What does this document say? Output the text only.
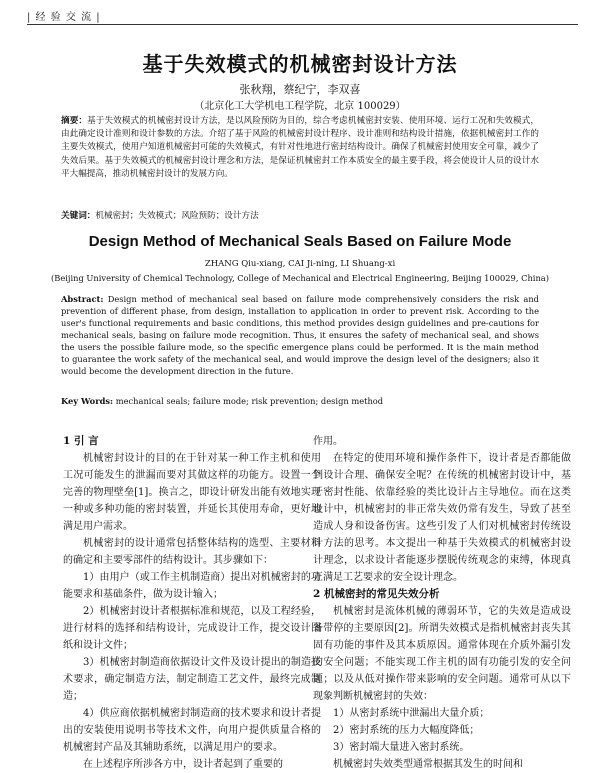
| 经 验 交 流 |
基于失效模式的机械密封设计方法
张秋翔，蔡纪宁，李双喜
（北京化工大学机电工程学院，北京 100029）
摘要：基于失效模式的机械密封设计方法，是以风险预防为目的，综合考虑机械密封安装、使用环境、运行工况和失效模式，由此确定设计准则和设计参数的方法。介绍了基于风险的机械密封设计程序、设计准则和结构设计措施，依据机械密封工作的主要失效模式，使用户知道机械密封可能的失效模式，有针对性地进行密封结构设计。确保了机械密封使用安全可靠，减少了失效后果。基于失效模式的机械密封设计理念和方法，是保证机械密封工作本质安全的最主要手段，将会使设计人员的设计水平大幅提高，推动机械密封设计的发展方向。
关键词：机械密封；失效模式；风险预防；设计方法
Design Method of Mechanical Seals Based on Failure Mode
ZHANG Qiu-xiang, CAI Ji-ning, LI Shuang-xi
(Beijing University of Chemical Technology, College of Mechanical and Electrical Engineering, Beijing 100029, China)
Abstract: Design method of mechanical seal based on failure mode comprehensively considers the risk and prevention of different phase, from design, installation to application in order to prevent risk. According to the user's functional requirements and basic conditions, this method provides design guidelines and pre-cautions for mechanical seals, basing on failure mode recognition. Thus, it ensures the safety of mechanical seal, and shows the users the possible failure mode, so the specific emergence plans could be performed. It is the main method to guarantee the work safety of the mechanical seal, and would improve the design level of the designers; also it would become the development direction in the future.
Key Words: mechanical seals; failure mode; risk prevention; design method

1 引 言

机械密封设计的目的在于针对某一种工作主机和使用工况可能发生的泄漏而要对其做这样的功能方。设置一个完善的物理壁垒[1]。换言之，即设计研发出能有效地实现一种或多种功能的密封装置，并延长其使用寿命，更好地满足用户需求。

机械密封的设计通常包括整体结构的选型、主要材料的确定和主要零部件的结构设计。其步骤如下：

1）由用户（或工作主机制造商）提出对机械密封的功能要求和基础条件，做为设计输入；

2）机械密封设计者根据标准和规范，以及工程经验，进行材料的选择和结构设计，完成设计工作，提交设计图纸和设计文件；

3）机械密封制造商依据设计文件及设计提出的制造技术要求，确定制造方法，制定制造工艺文件，最终完成制造；

4）供应商依据机械密封制造商的技术要求和设计者提出的安装使用说明书等技术文件，向用户提供质量合格的机械密封产品及其辅助系统，以满足用户的要求。

在上述程序所涉各方中，设计者起到了重要的

作用。

在特定的使用环境和操作条件下，设计者是否都能做到设计合理、确保安全呢？在传统的机械密封设计中，基于密封性能、依靠经验的类比设计占主导地位。而在这类设计中，机械密封的非正常失效仍常有发生，导致了甚至造成人身和设备伤害。这些引发了人们对机械密封传统设计方法的思考。本文提出一种基于失效模式的机械密封设计理念，以求设计者能逐步摆脱传统观念的束缚，体现真正满足工艺要求的安全设计理念。

2 机械密封的常见失效分析

机械密封是流体机械的薄弱环节，它的失效是造成设备带停的主要原因[2]。所谓失效模式是指机械密封丧失其固有功能的事件及其本质原因。通常体现在介质外漏引发的安全问题；不能实现工作主机的固有功能引发的安全问题；以及从低对操作带来影响的安全问题。通常可从以下现象判断机械密封的失效：

1）从密封系统中泄漏出大量介质；

2）密封系统的压力大幅度降低；

3）密封端大量进入密封系统。

机械密封失效类型通常根据其发生的时间和
